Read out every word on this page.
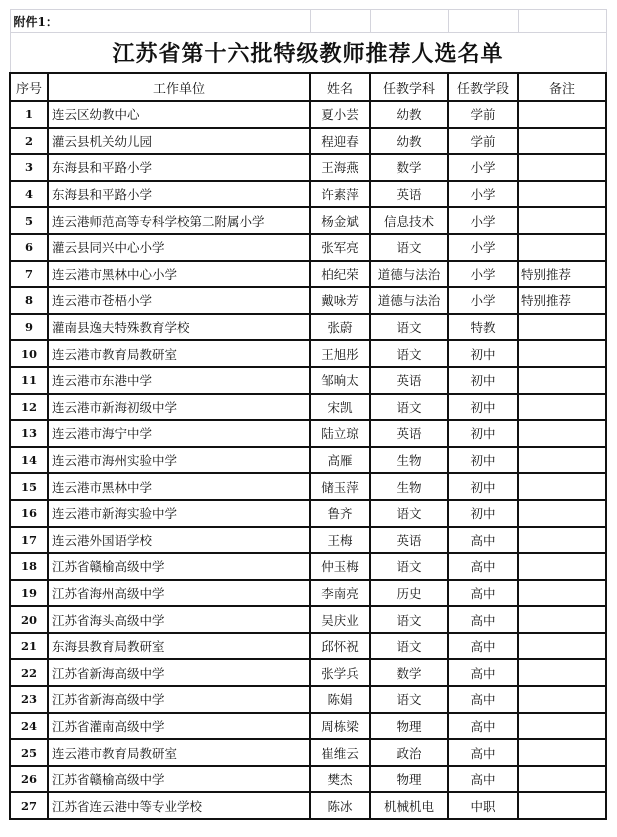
附件1：					
江苏省第十六批特级教师推荐人选名单					
序号	工作单位	姓名	任教学科	任教学段	备注
1	连云区幼教中心	夏小芸	幼教	学前	
2	灌云县机关幼儿园	程迎春	幼教	学前	
3	东海县和平路小学	王海燕	数学	小学	
4	东海县和平路小学	许素萍	英语	小学	
5	连云港师范高等专科学校第二附属小学	杨金斌	信息技术	小学	
6	灌云县同兴中心小学	张军亮	语文	小学	
7	连云港市黑林中心小学	柏纪荣	道德与法治	小学	特别推荐
8	连云港市苍梧小学	戴咏芳	道德与法治	小学	特别推荐
9	灌南县逸夫特殊教育学校	张蔚	语文	特教	
10	连云港市教育局教研室	王旭彤	语文	初中	
11	连云港市东港中学	邹晌太	英语	初中	
12	连云港市新海初级中学	宋凯	语文	初中	
13	连云港市海宁中学	陆立琼	英语	初中	
14	连云港市海州实验中学	高雁	生物	初中	
15	连云港市黑林中学	储玉萍	生物	初中	
16	连云港市新海实验中学	鲁齐	语文	初中	
17	连云港外国语学校	王梅	英语	高中	
18	江苏省赣榆高级中学	仲玉梅	语文	高中	
19	江苏省海州高级中学	李南亮	历史	高中	
20	江苏省海头高级中学	吴庆业	语文	高中	
21	东海县教育局教研室	邱怀祝	语文	高中	
22	江苏省新海高级中学	张学兵	数学	高中	
23	江苏省新海高级中学	陈娟	语文	高中	
24	江苏省灌南高级中学	周栋梁	物理	高中	
25	连云港市教育局教研室	崔维云	政治	高中	
26	江苏省赣榆高级中学	樊杰	物理	高中	
27	江苏省连云港中等专业学校	陈冰	机械机电	中职	
